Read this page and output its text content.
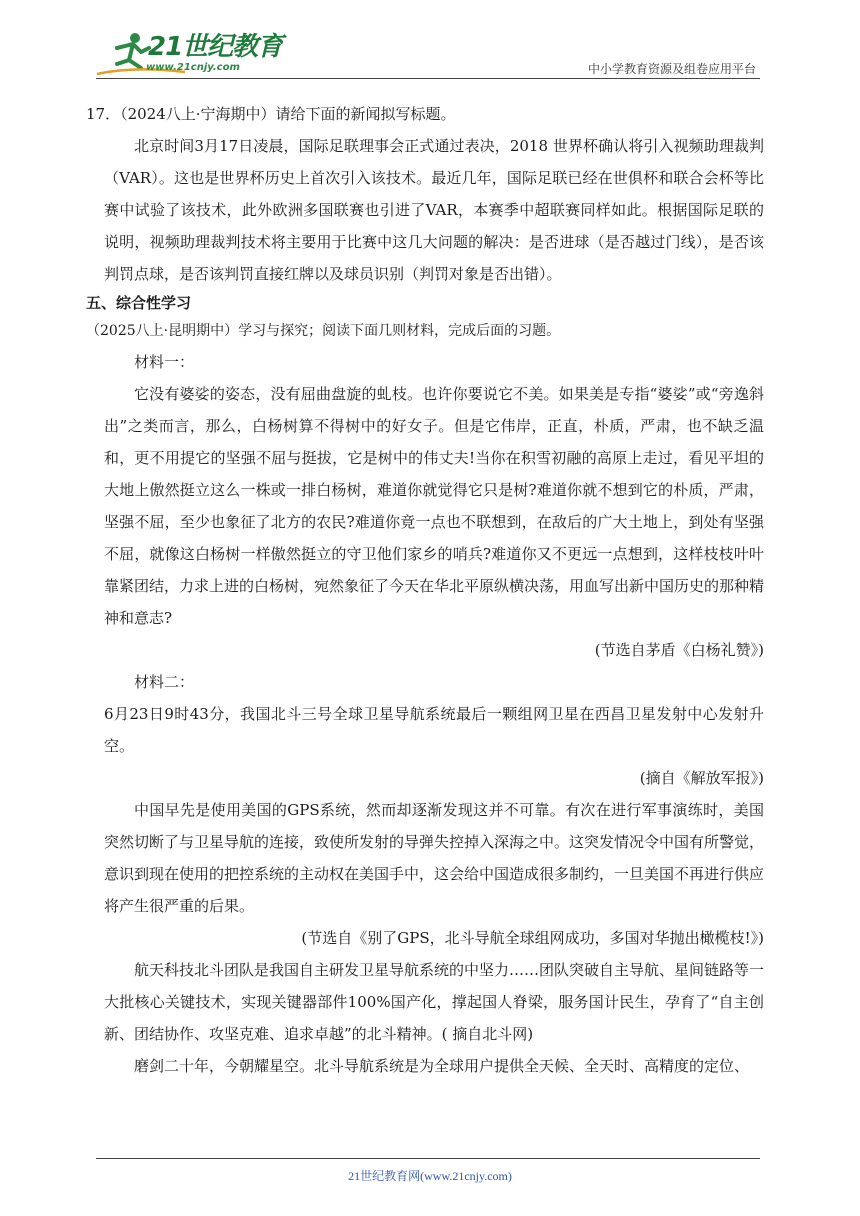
21世纪教育
www.21cnjy.com	中小学教育资源及组卷应用平台

17．（2024八上·宁海期中）请给下面的新闻拟写标题。

北京时间3月17日凌晨，国际足联理事会正式通过表决，2018 世界杯确认将引入视频助理裁判（VAR）。这也是世界杯历史上首次引入该技术。最近几年，国际足联已经在世俱杯和联合会杯等比赛中试验了该技术，此外欧洲多国联赛也引进了VAR，本赛季中超联赛同样如此。根据国际足联的说明，视频助理裁判技术将主要用于比赛中这几大问题的解决：是否进球（是否越过门线），是否该判罚点球，是否该判罚直接红牌以及球员识别（判罚对象是否出错）。

五、综合性学习

（2025八上·昆明期中）学习与探究；阅读下面几则材料，完成后面的习题。

材料一：

它没有婆娑的姿态，没有屈曲盘旋的虬枝。也许你要说它不美。如果美是专指“婆娑”或“旁逸斜出”之类而言，那么，白杨树算不得树中的好女子。但是它伟岸，正直，朴质，严肃，也不缺乏温和，更不用提它的坚强不屈与挺拔，它是树中的伟丈夫!当你在积雪初融的高原上走过，看见平坦的大地上傲然挺立这么一株或一排白杨树，难道你就觉得它只是树?难道你就不想到它的朴质，严肃， 坚强不屈，至少也象征了北方的农民?难道你竟一点也不联想到，在敌后的广大土地上，到处有坚强不屈，就像这白杨树一样傲然挺立的守卫他们家乡的哨兵?难道你又不更远一点想到，这样枝枝叶叶靠紧团结，力求上进的白杨树，宛然象征了今天在华北平原纵横决荡，用血写出新中国历史的那种精神和意志?

(节选自茅盾《白杨礼赞》)

材料二：

6月23日9时43分，我国北斗三号全球卫星导航系统最后一颗组网卫星在西昌卫星发射中心发射升空。

(摘自《解放军报》)

中国早先是使用美国的GPS系统，然而却逐渐发现这并不可靠。有次在进行军事演练时，美国突然切断了与卫星导航的连接，致使所发射的导弹失控掉入深海之中。这突发情况令中国有所警觉，意识到现在使用的把控系统的主动权在美国手中，这会给中国造成很多制约，一旦美国不再进行供应将产生很严重的后果。

(节选自《别了GPS，北斗导航全球组网成功，多国对华抛出橄榄枝!》)

航天科技北斗团队是我国自主研发卫星导航系统的中坚力……团队突破自主导航、星间链路等一大批核心关键技术，实现关键器部件100%国产化，撑起国人脊梁，服务国计民生，孕育了“自主创新、团结协作、攻坚克难、追求卓越”的北斗精神。( 摘自北斗网)

磨剑二十年，今朝耀星空。北斗导航系统是为全球用户提供全天候、全天时、高精度的定位、

21世纪教育网(www.21cnjy.com)
